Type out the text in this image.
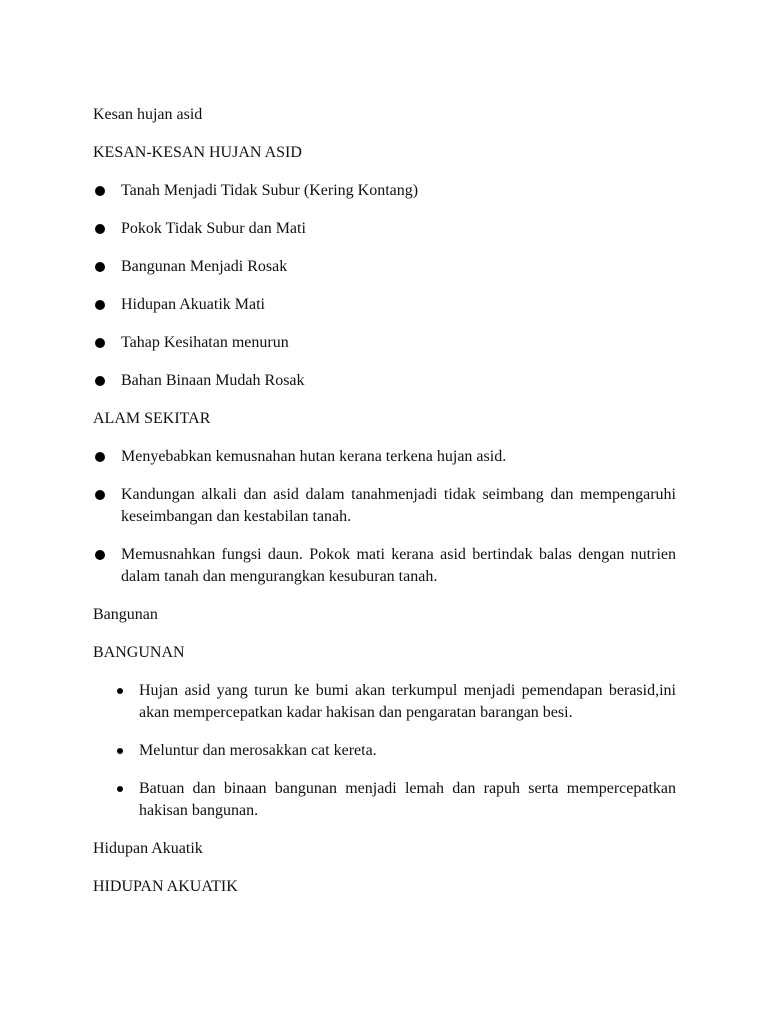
Kesan hujan asid

KESAN-KESAN HUJAN ASID

Tanah Menjadi Tidak Subur (Kering Kontang)
Pokok Tidak Subur dan Mati
Bangunan Menjadi Rosak
Hidupan Akuatik Mati
Tahap Kesihatan menurun
Bahan Binaan Mudah Rosak

ALAM SEKITAR

Menyebabkan kemusnahan hutan kerana terkena hujan asid.
Kandungan alkali dan asid dalam tanahmenjadi tidak seimbang dan mempengaruhi keseimbangan dan kestabilan tanah.
Memusnahkan fungsi daun. Pokok mati kerana asid bertindak balas dengan nutrien dalam tanah dan mengurangkan kesuburan tanah.

Bangunan

BANGUNAN

Hujan asid yang turun ke bumi akan terkumpul menjadi pemendapan berasid,ini akan mempercepatkan kadar hakisan dan pengaratan barangan besi.
Meluntur dan merosakkan cat kereta.
Batuan dan binaan bangunan menjadi lemah dan rapuh serta mempercepatkan hakisan bangunan.

Hidupan Akuatik

HIDUPAN AKUATIK
